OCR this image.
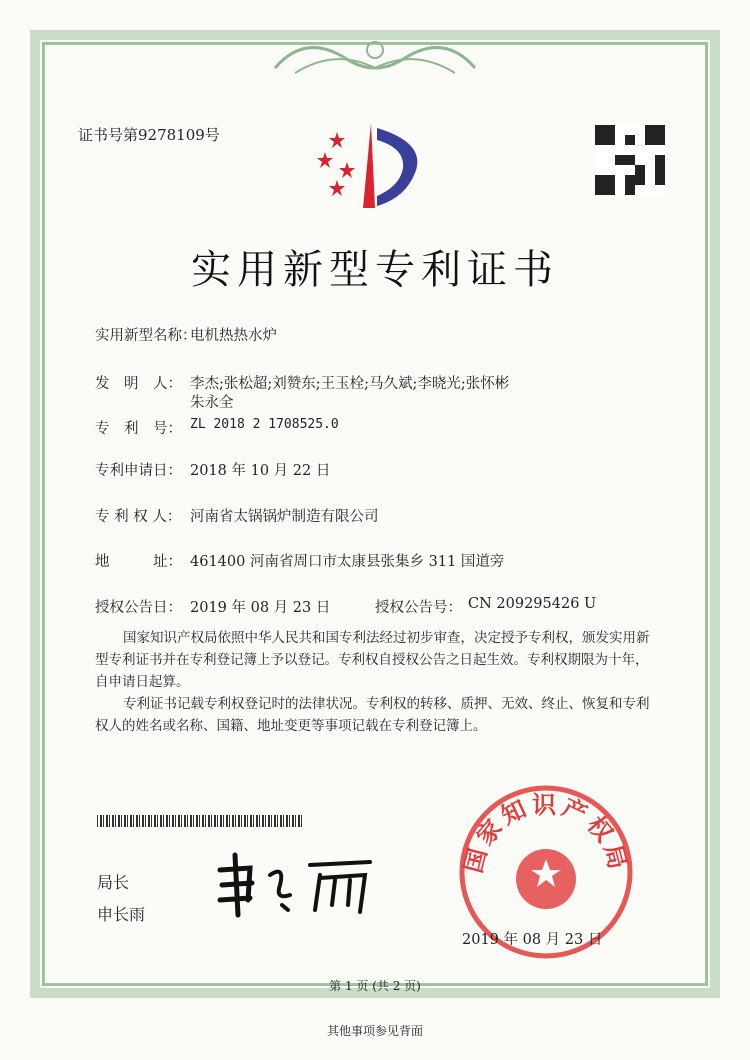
证书号第9278109号
实用新型专利证书
实用新型名称：
电机热热水炉
发　明　人： 李杰;张松超;刘赞东;王玉栓;马久斌;李晓光;张怀彬
朱永全
专　利　号： ZL 2018 2 1708525.0
专利申请日： 2018 年 10 月 22 日
专 利 权 人： 河南省太锅锅炉制造有限公司
地　　　址： 461400 河南省周口市太康县张集乡 311 国道旁
授权公告日： 2019 年 08 月 23 日	授权公告号： CN 209295426 U
国家知识产权局依照中华人民共和国专利法经过初步审查，决定授予专利权，颁发实用新型专利证书并在专利登记簿上予以登记。专利权自授权公告之日起生效。专利权期限为十年，自申请日起算。
专利证书记载专利权登记时的法律状况。专利权的转移、质押、无效、终止、恢复和专利权人的姓名或名称、国籍、地址变更等事项记载在专利登记簿上。
局长
申长雨
国家知识产权局
2019 年 08 月 23 日
第 1 页 (共 2 页)
其他事项参见背面
